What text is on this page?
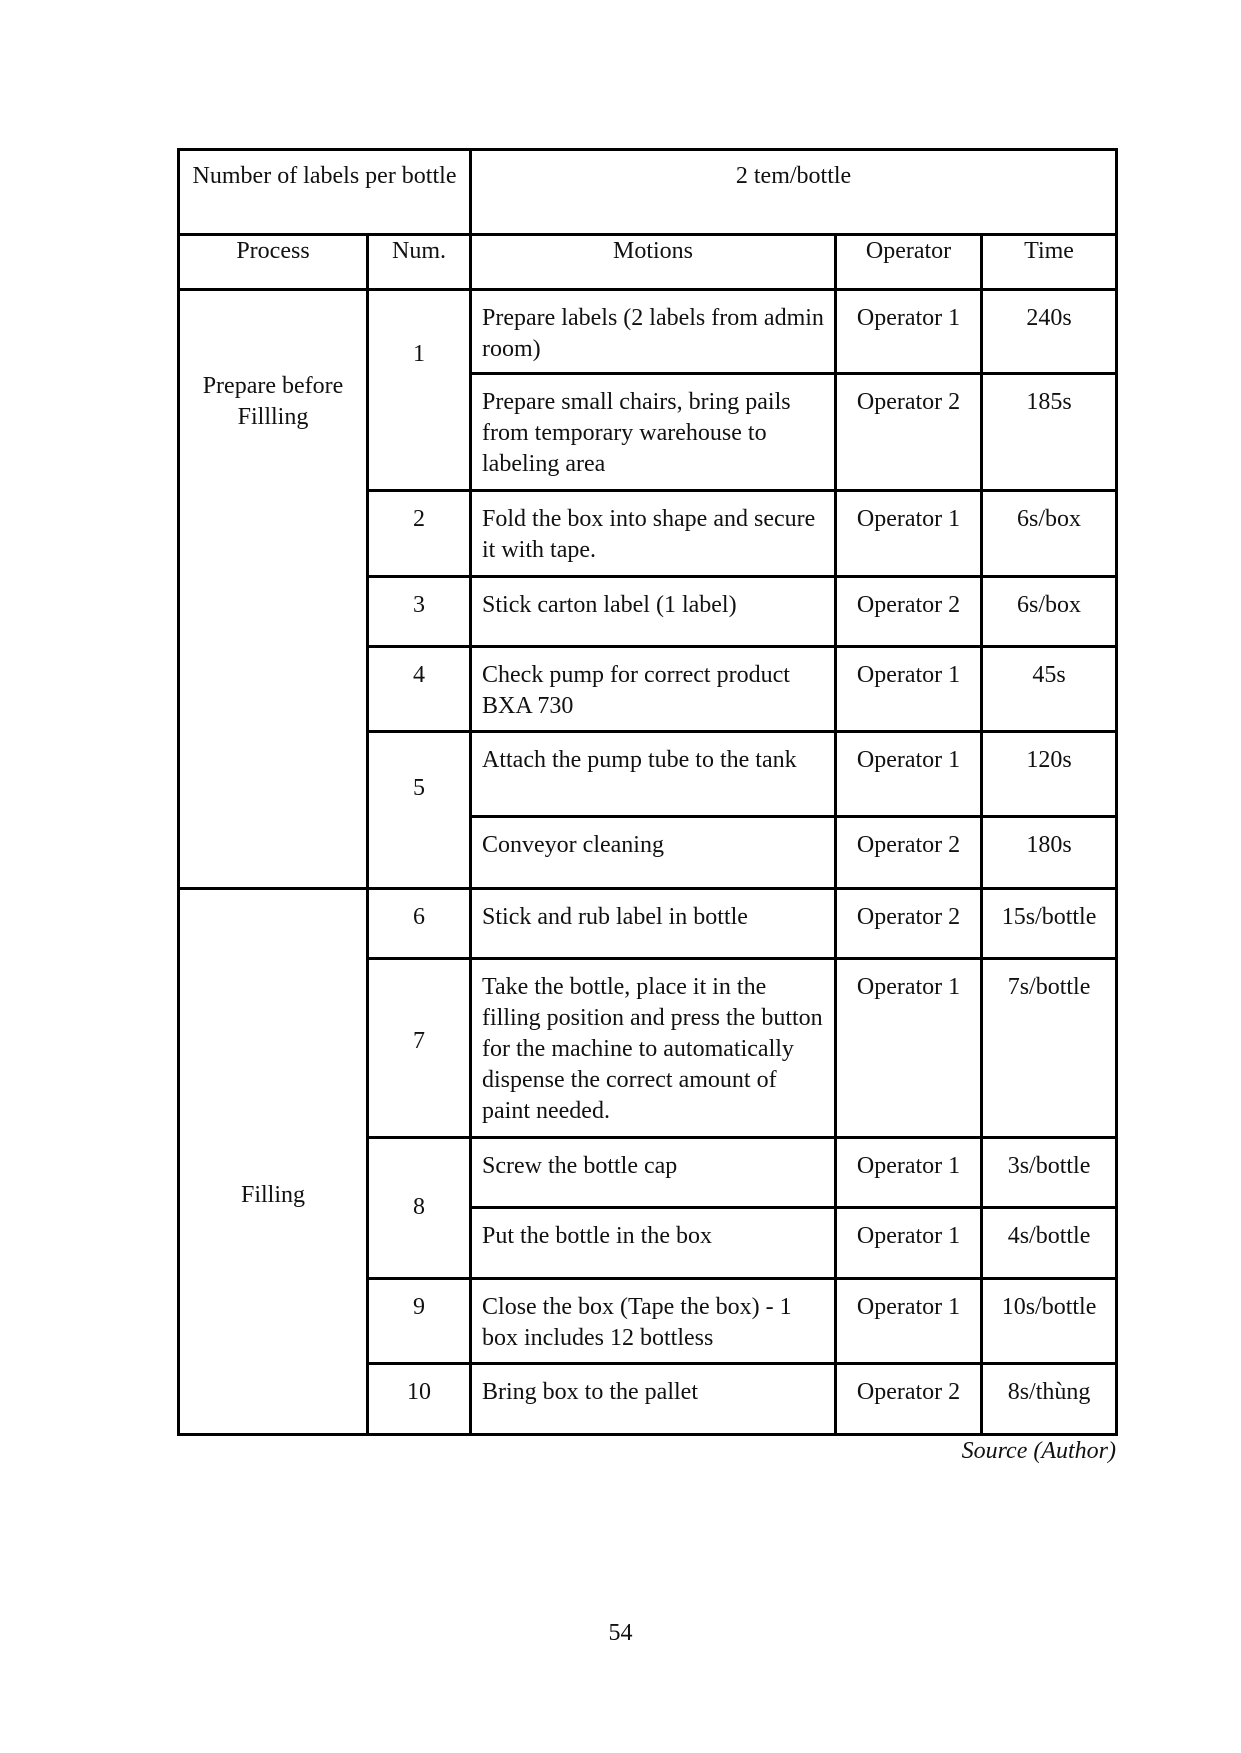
Number of labels per bottle		2 tem/bottle		

Process	Num.	Motions	Operator	Time

Prepare before Fillling	1	Prepare labels (2 labels from admin room)	Operator 1	240s

		Prepare small chairs, bring pails from temporary warehouse to labeling area	Operator 2	185s

	2	Fold the box into shape and secure it with tape.	Operator 1	6s/box

	3	Stick carton label (1 label)	Operator 2	6s/box

	4	Check pump for correct product BXA 730	Operator 1	45s

	5	Attach the pump tube to the tank	Operator 1	120s

		Conveyor cleaning	Operator 2	180s

Filling	6	Stick and rub label in bottle	Operator 2	15s/bottle

	7	Take the bottle, place it in the filling position and press the button for the machine to automatically dispense the correct amount of paint needed.	Operator 1	7s/bottle

	8	Screw the bottle cap	Operator 1	3s/bottle

		Put the bottle in the box	Operator 1	4s/bottle

	9	Close the box (Tape the box) - 1 box includes 12 bottless	Operator 1	10s/bottle

	10	Bring box to the pallet	Operator 2	8s/thùng

Source (Author)
54
